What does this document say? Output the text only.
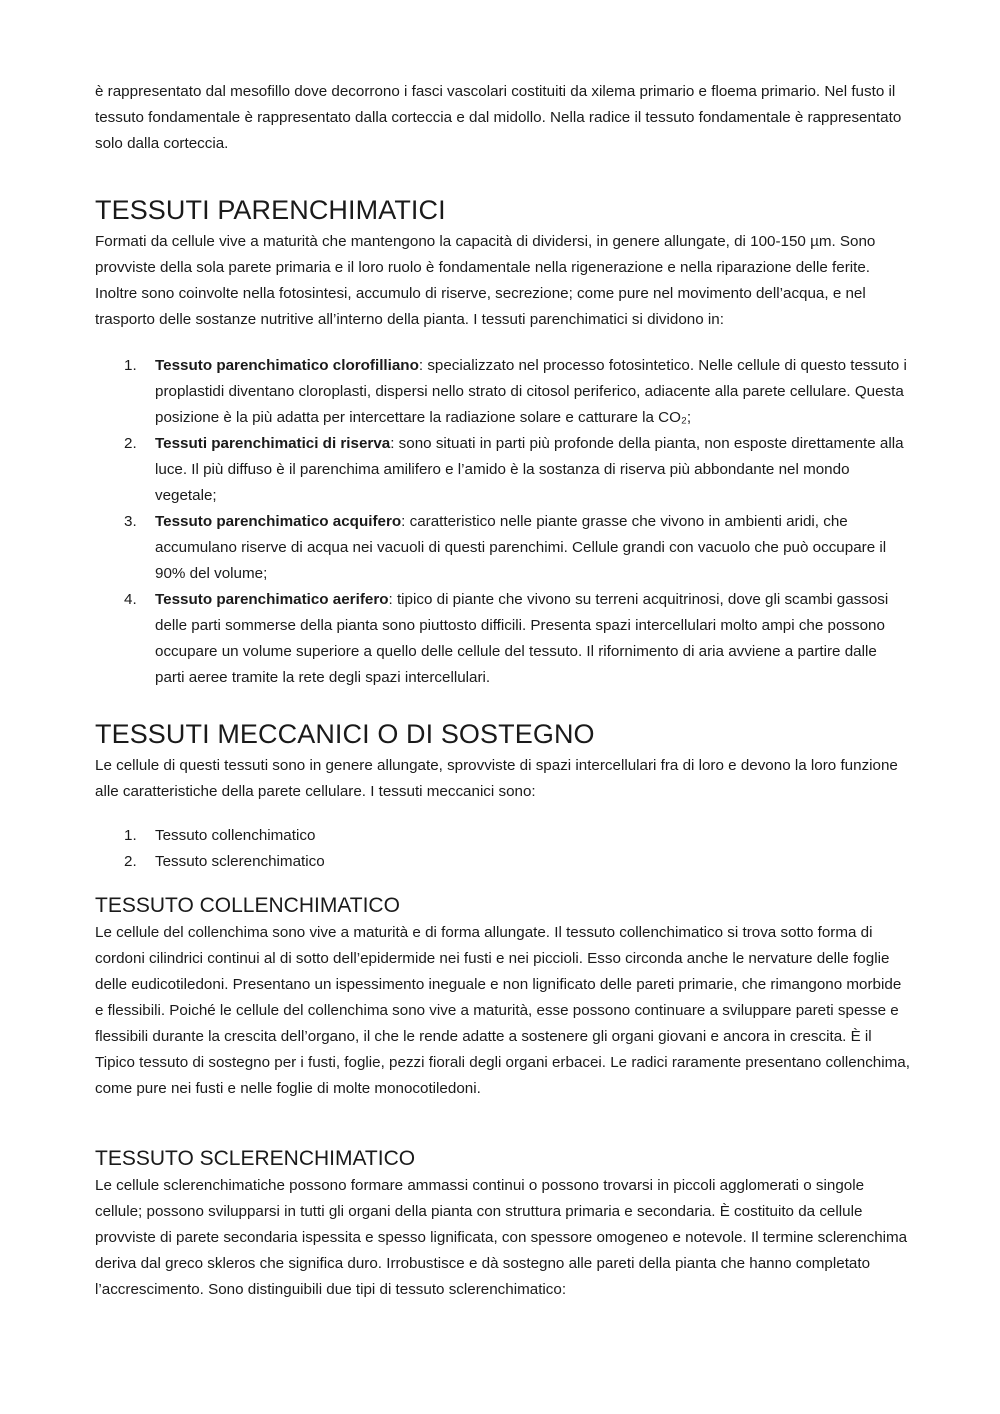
è rappresentato dal mesofillo dove decorrono i fasci vascolari costituiti da xilema primario e floema primario. Nel fusto il tessuto fondamentale è rappresentato dalla corteccia e dal midollo. Nella radice il tessuto fondamentale è rappresentato solo dalla corteccia.

TESSUTI PARENCHIMATICI

Formati da cellule vive a maturità che mantengono la capacità di dividersi, in genere allungate, di 100-150 µm. Sono provviste della sola parete primaria e il loro ruolo è fondamentale nella rigenerazione e nella riparazione delle ferite. Inoltre sono coinvolte nella fotosintesi, accumulo di riserve, secrezione; come pure nel movimento dell’acqua, e nel trasporto delle sostanze nutritive all’interno della pianta. I tessuti parenchimatici si dividono in:

1. Tessuto parenchimatico clorofilliano: specializzato nel processo fotosintetico. Nelle cellule di questo tessuto i proplastidi diventano cloroplasti, dispersi nello strato di citosol periferico, adiacente alla parete cellulare. Questa posizione è la più adatta per intercettare la radiazione solare e catturare la CO₂;
2. Tessuti parenchimatici di riserva: sono situati in parti più profonde della pianta, non esposte direttamente alla luce. Il più diffuso è il parenchima amilifero e l’amido è la sostanza di riserva più abbondante nel mondo vegetale;
3. Tessuto parenchimatico acquifero: caratteristico nelle piante grasse che vivono in ambienti aridi, che accumulano riserve di acqua nei vacuoli di questi parenchimi. Cellule grandi con vacuolo che può occupare il 90% del volume;
4. Tessuto parenchimatico aerifero: tipico di piante che vivono su terreni acquitrinosi, dove gli scambi gassosi delle parti sommerse della pianta sono piuttosto difficili. Presenta spazi intercellulari molto ampi che possono occupare un volume superiore a quello delle cellule del tessuto. Il rifornimento di aria avviene a partire dalle parti aeree tramite la rete degli spazi intercellulari.
TESSUTI MECCANICI O DI SOSTEGNO

Le cellule di questi tessuti sono in genere allungate, sprovviste di spazi intercellulari fra di loro e devono la loro funzione alle caratteristiche della parete cellulare. I tessuti meccanici sono:

1. Tessuto collenchimatico
2. Tessuto sclerenchimatico
TESSUTO COLLENCHIMATICO

Le cellule del collenchima sono vive a maturità e di forma allungate. Il tessuto collenchimatico si trova sotto forma di cordoni cilindrici continui al di sotto dell’epidermide nei fusti e nei piccioli. Esso circonda anche le nervature delle foglie delle eudicotiledoni. Presentano un ispessimento ineguale e non lignificato delle pareti primarie, che rimangono morbide e flessibili. Poiché le cellule del collenchima sono vive a maturità, esse possono continuare a sviluppare pareti spesse e flessibili durante la crescita dell’organo, il che le rende adatte a sostenere gli organi giovani e ancora in crescita. È il Tipico tessuto di sostegno per i fusti, foglie, pezzi fiorali degli organi erbacei. Le radici raramente presentano collenchima, come pure nei fusti e nelle foglie di molte monocotiledoni.

TESSUTO SCLERENCHIMATICO

Le cellule sclerenchimatiche possono formare ammassi continui o possono trovarsi in piccoli agglomerati o singole cellule; possono svilupparsi in tutti gli organi della pianta con struttura primaria e secondaria. È costituito da cellule provviste di parete secondaria ispessita e spesso lignificata, con spessore omogeneo e notevole. Il termine sclerenchima deriva dal greco skleros che significa duro. Irrobustisce e dà sostegno alle pareti della pianta che hanno completato l’accrescimento. Sono distinguibili due tipi di tessuto sclerenchimatico:
